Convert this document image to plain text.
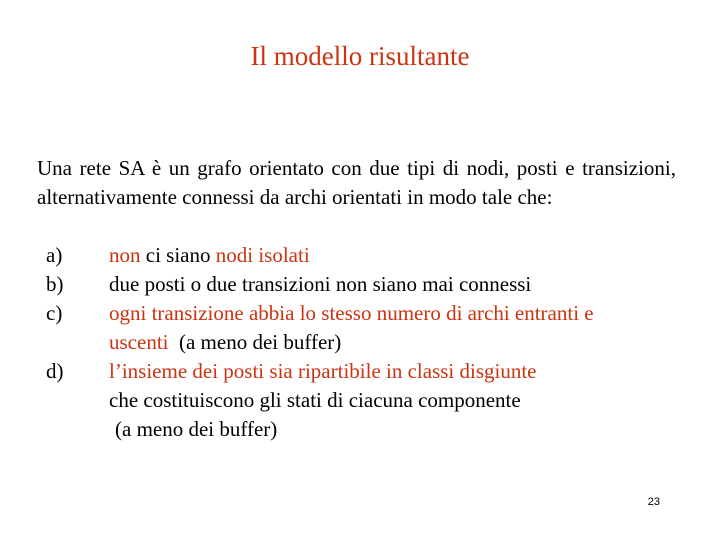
Il modello risultante
Una rete SA è un grafo orientato con due tipi di nodi, posti e transizioni, alternativamente connessi da archi orientati in modo tale che:
a) non ci siano nodi isolati
b) due posti o due transizioni non siano mai connessi
c) ogni transizione abbia lo stesso numero di archi entranti e
uscenti  (a meno dei buffer)
d) l’insieme dei posti sia ripartibile in classi disgiunte
che costituiscono gli stati di ciacuna componente
(a meno dei buffer)
23
